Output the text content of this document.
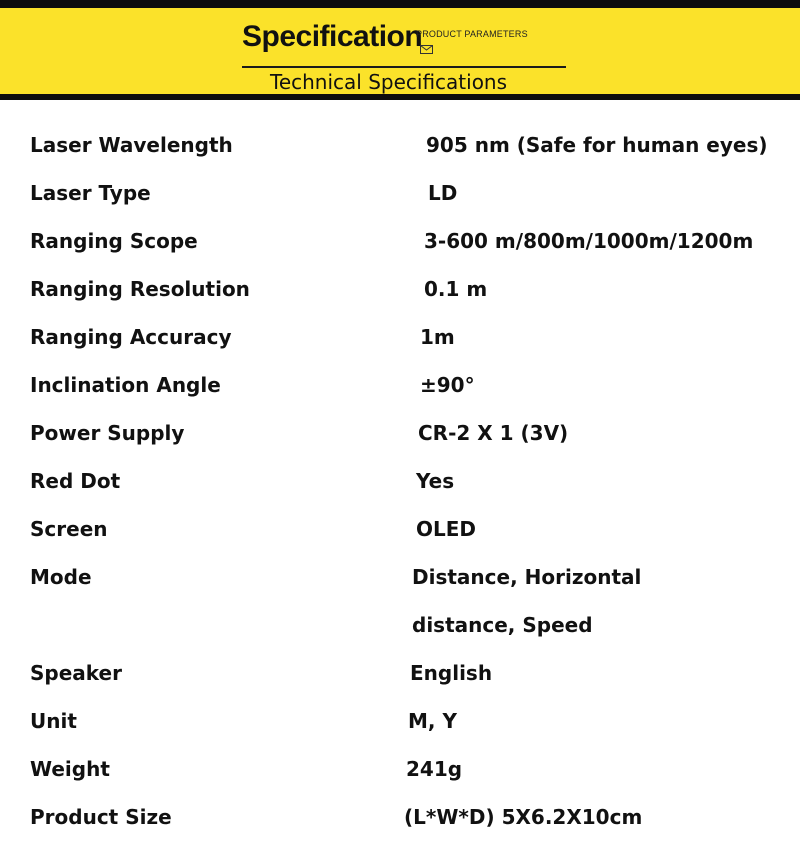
Specification
PRODUCT PARAMETERS
Technical Specifications
Laser Wavelength	905 nm (Safe for human eyes)
Laser Type	LD
Ranging Scope	3-600 m/800m/1000m/1200m
Ranging Resolution	0.1 m
Ranging Accuracy	1m
Inclination Angle	±90°
Power Supply	CR-2 X 1 (3V)
Red Dot	Yes
Screen	OLED
Mode	Distance, Horizontal
distance, Speed
Speaker	English
Unit	M, Y
Weight	241g
Product Size	(L*W*D) 5X6.2X10cm
